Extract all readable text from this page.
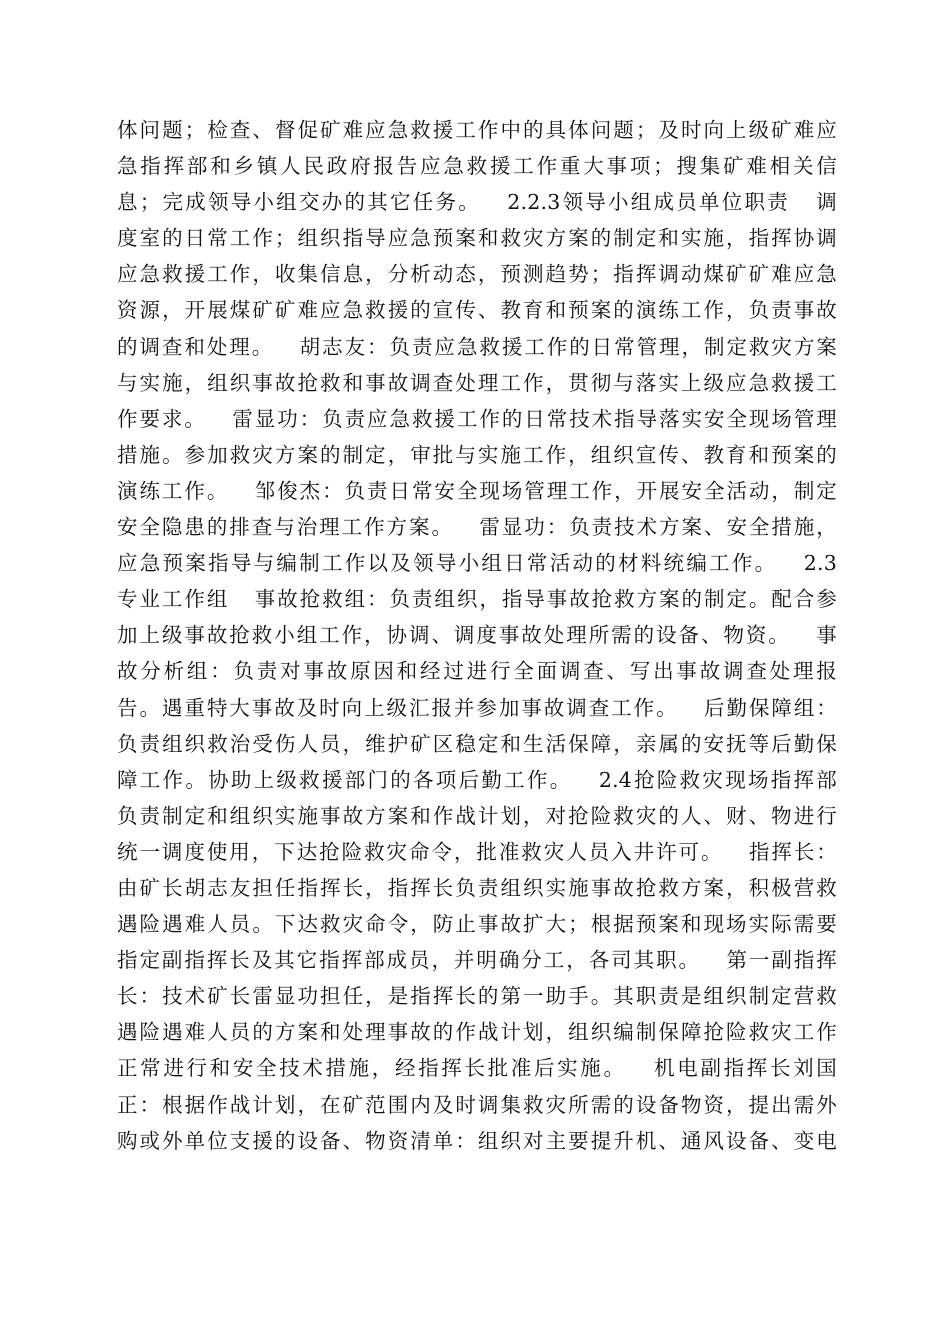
体问题；检查、督促矿难应急救援工作中的具体问题；及时向上级矿难应
急指挥部和乡镇人民政府报告应急救援工作重大事项；搜集矿难相关信
息；完成领导小组交办的其它任务。   2.2.3领导小组成员单位职责   调
度室的日常工作；组织指导应急预案和救灾方案的制定和实施，指挥协调
应急救援工作，收集信息，分析动态，预测趋势；指挥调动煤矿矿难应急
资源，开展煤矿矿难应急救援的宣传、教育和预案的演练工作，负责事故
的调查和处理。   胡志友：负责应急救援工作的日常管理，制定救灾方案
与实施，组织事故抢救和事故调查处理工作，贯彻与落实上级应急救援工
作要求。   雷显功：负责应急救援工作的日常技术指导落实安全现场管理
措施。参加救灾方案的制定，审批与实施工作，组织宣传、教育和预案的
演练工作。   邹俊杰：负责日常安全现场管理工作，开展安全活动，制定
安全隐患的排查与治理工作方案。   雷显功：负责技术方案、安全措施，
应急预案指导与编制工作以及领导小组日常活动的材料统编工作。   2.3
专业工作组   事故抢救组：负责组织，指导事故抢救方案的制定。配合参
加上级事故抢救小组工作，协调、调度事故处理所需的设备、物资。   事
故分析组：负责对事故原因和经过进行全面调查、写出事故调查处理报
告。遇重特大事故及时向上级汇报并参加事故调查工作。   后勤保障组：
负责组织救治受伤人员，维护矿区稳定和生活保障，亲属的安抚等后勤保
障工作。协助上级救援部门的各项后勤工作。   2.4抢险救灾现场指挥部
负责制定和组织实施事故方案和作战计划，对抢险救灾的人、财、物进行
统一调度使用，下达抢险救灾命令，批准救灾人员入井许可。   指挥长：
由矿长胡志友担任指挥长，指挥长负责组织实施事故抢救方案，积极营救
遇险遇难人员。下达救灾命令，防止事故扩大；根据预案和现场实际需要
指定副指挥长及其它指挥部成员，并明确分工，各司其职。   第一副指挥
长：技术矿长雷显功担任，是指挥长的第一助手。其职责是组织制定营救
遇险遇难人员的方案和处理事故的作战计划，组织编制保障抢险救灾工作
正常进行和安全技术措施，经指挥长批准后实施。   机电副指挥长刘国
正：根据作战计划，在矿范围内及时调集救灾所需的设备物资，提出需外
购或外单位支援的设备、物资清单：组织对主要提升机、通风设备、变电
